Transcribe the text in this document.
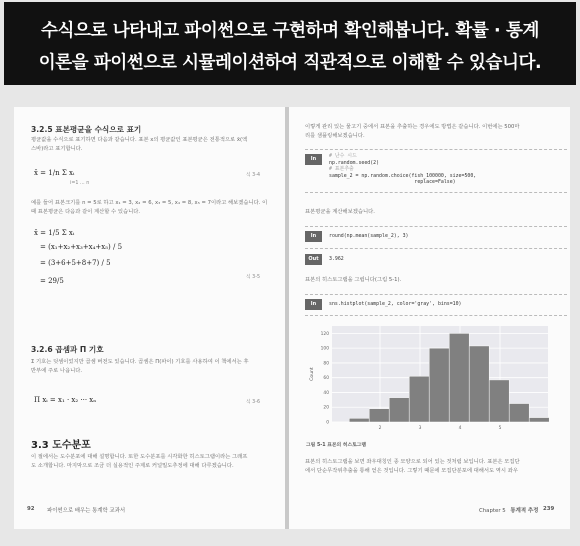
수식으로 나타내고 파이썬으로 구현하며 확인해봅니다. 확률 · 통계
이론을 파이썬으로 시뮬레이션하여 직관적으로 이해할 수 있습니다.
3.2.5 표본평균을 수식으로 표기
평균값을 수식으로 표기하면 다음과 같습니다. 표본 x의 평균값인 표본평균은 전통적으로 x̄(엑
스바)라고 표기합니다.
x̄ = 1/n Σ xᵢ
i=1 … n
식 3-4
예를 들어 표본크기를 n = 5로 하고 x₁ = 3, x₂ = 6, x₃ = 5, x₄ = 8, x₅ = 7이라고 해보겠습니다. 이
때 표본평균은 다음과 같이 계산할 수 있습니다.
x̄ = 1/5 Σ xᵢ
= (x₁+x₂+x₃+x₄+x₅) / 5
= (3+6+5+8+7) / 5
= 29/5	식 3-5
3.2.6 곱셈과 Π 기호
Σ 기호는 덧셈이었지만 곱셈 버전도 있습니다. 곱셈은 Π(파이) 기호를 사용하여 이 책에서는 후
반부에 주로 나옵니다.
Π xᵢ = x₁ · x₂ ··· xₙ	식 3-6
3.3 도수분포
이 절에서는 도수분포에 대해 설명합니다. 또한 도수분포를 시각화한 히스토그램이라는 그래프
도 소개합니다. 마지막으로 조금 더 실용적인 주제로 커널밀도추정에 대해 다루겠습니다.
92 파이썬으로 배우는 통계학 교과서
이렇게 관리 있는 물고기 중에서 표본을 추출하는 경우에도 방법은 같습니다. 이번에는 500마
리를 샘플링해보겠습니다.
In	# 난수 시드
np.random.seed(2)
# 표본추출
sample_2 = np.random.choice(fish_100000, size=500,
replace=False)
표본평균을 계산해보겠습니다.
In	round(np.mean(sample_2), 3)
Out	3.962
표본의 히스토그램을 그립니다(그림 5-1).
In	sns.histplot(sample_2, color='gray', bins=10)
0
20
40
60
80
100
120
2	3	4	5
Count
그림 5-1 표본의 히스토그램
표본의 히스토그램을 보면 좌우대칭인 종 모양으로 되어 있는 것처럼 보입니다. 표본은 모집단
에서 단순무작위추출을 통해 얻은 것입니다. 그렇기 때문에 모집단분포에 대해서도 역시 좌우
Chapter 5 통계적 추정 239
